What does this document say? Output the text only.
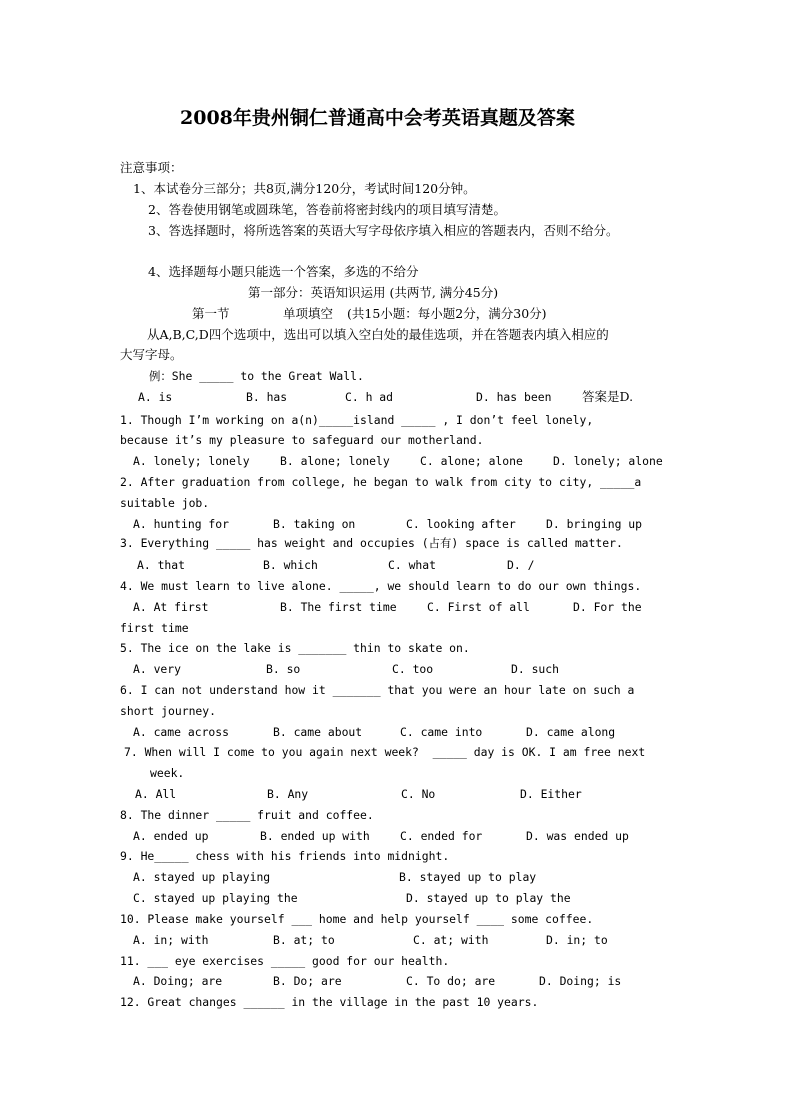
2008年贵州铜仁普通高中会考英语真题及答案
注意事项：
1、本试卷分三部分；共8页,满分120分，考试时间120分钟。
2、答卷使用钢笔或圆珠笔，答卷前将密封线内的项目填写清楚。
3、答选择题时，将所选答案的英语大写字母依序填入相应的答题表内，否则不给分。
4、选择题每小题只能选一个答案，多选的不给分
第一部分：英语知识运用 (共两节, 满分45分)
第一节	单项填空 (共15小题：每小题2分，满分30分)
从A,B,C,D四个选项中，选出可以填入空白处的最佳选项，并在答题表内填入相应的
大写字母。
例：She _____ to the Great Wall.
A. is	B. has	C. h ad	D. has been 答案是D.
1. Though I’m working on a(n)_____island _____ , I don’t feel lonely,
because it’s my pleasure to safeguard our motherland.
A. lonely; lonely	B. alone; lonely	C. alone; alone	D. lonely; alone
2. After graduation from college, he began to walk from city to city, _____a
suitable job.
A. hunting for	B. taking on	C. looking after	D. bringing up
3. Everything _____ has weight and occupies (占有) space is called matter.
A. that	B. which	C. what	D. /
4. We must learn to live alone. _____, we should learn to do our own things.
A. At first	B. The first time	C. First of all	D. For the
first time
5. The ice on the lake is _______ thin to skate on.
A. very	B. so	C. too	D. such
6. I can not understand how it _______ that you were an hour late on such a
short journey.
A. came across	B. came about	C. came into	D. came along
7. When will I come to you again next week?  _____ day is OK. I am free next
week.
A. All	B. Any	C. No	D. Either
8. The dinner _____ fruit and coffee.
A. ended up	B. ended up with	C. ended for	D. was ended up
9. He_____ chess with his friends into midnight.
A. stayed up playing	B. stayed up to play
C. stayed up playing the	D. stayed up to play the
10. Please make yourself ___ home and help yourself ____ some coffee.
A. in; with	B. at; to	C. at; with	D. in; to
11. ___ eye exercises _____ good for our health.
A. Doing; are	B. Do; are	C. To do; are	D. Doing; is
12. Great changes ______ in the village in the past 10 years.
